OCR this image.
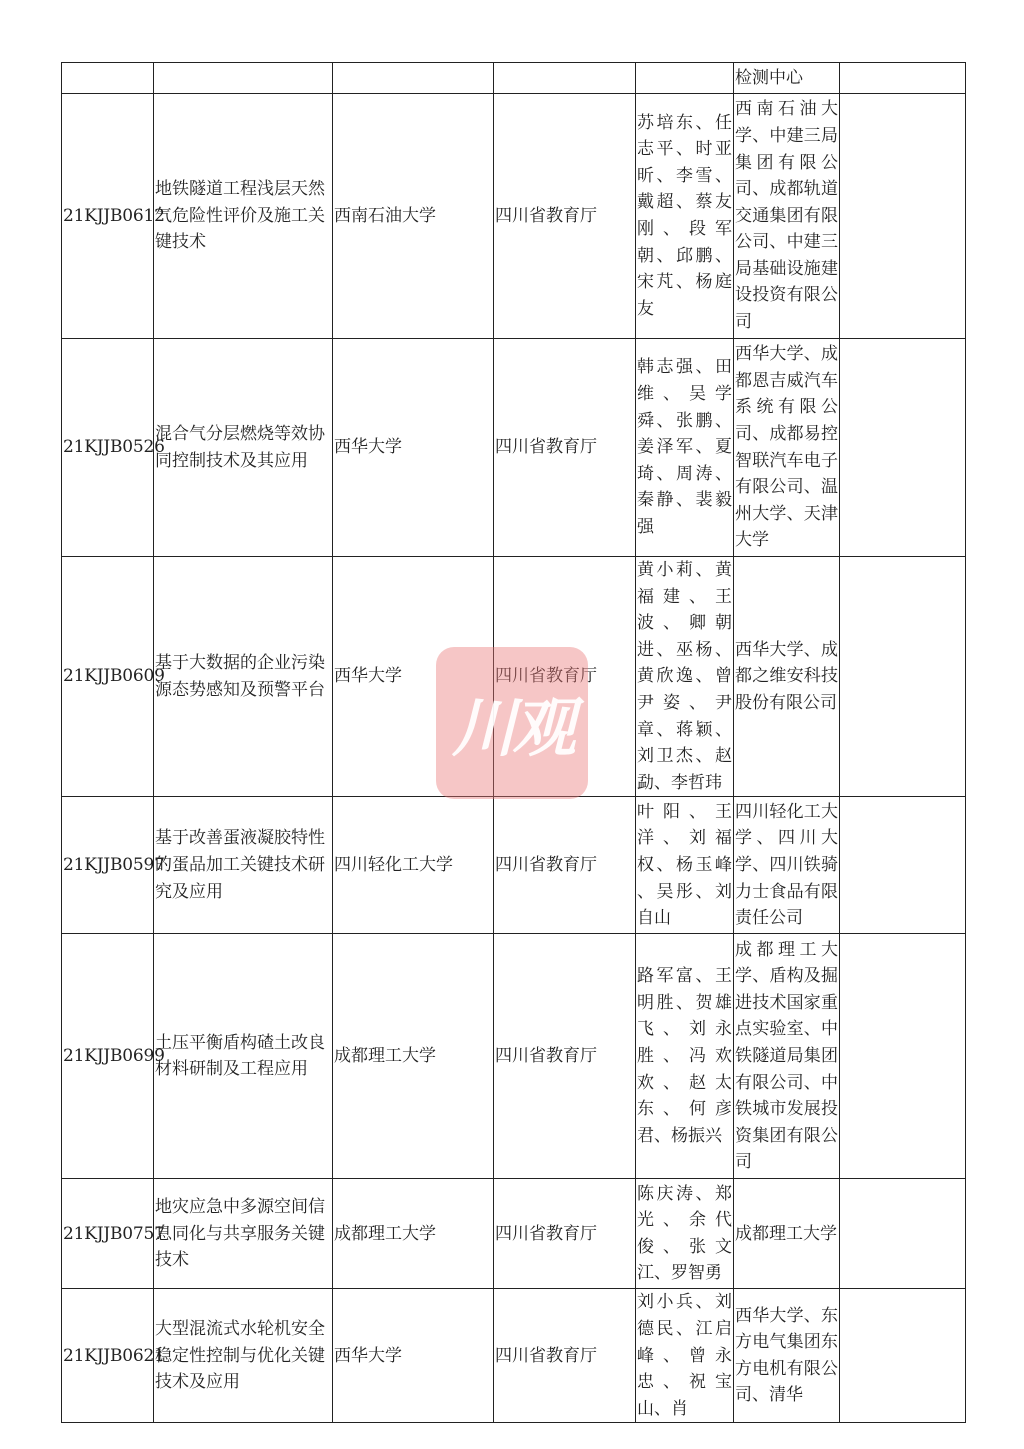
					检测中心	
21KJJB0612	地铁隧道工程浅层天然气危险性评价及施工关键技术	西南石油大学	四川省教育厅	苏培东、任志平、时亚昕、李雪、戴超、蔡友刚、段军朝、邱鹏、宋芃、杨庭友	西南石油大学、中建三局集团有限公司、成都轨道交通集团有限公司、中建三局基础设施建设投资有限公司	
21KJJB0526	混合气分层燃烧等效协同控制技术及其应用	西华大学	四川省教育厅	韩志强、田维、吴学舜、张鹏、姜泽军、夏琦、周涛、秦静、裴毅强	西华大学、成都恩吉威汽车系统有限公司、成都易控智联汽车电子有限公司、温州大学、天津大学	
21KJJB0609	基于大数据的企业污染源态势感知及预警平台	西华大学	四川省教育厅	黄小莉、黄福建、王波、卿朝进、巫杨、黄欣逸、曾尹姿、尹章、蒋颖、刘卫杰、赵勐、李哲玮	西华大学、成都之维安科技股份有限公司	
21KJJB0597	基于改善蛋液凝胶特性的蛋品加工关键技术研究及应用	四川轻化工大学	四川省教育厅	叶阳、王洋、刘福权、杨玉峰 、吴彤、刘自山	四川轻化工大学、四川大学、四川铁骑力士食品有限责任公司	
21KJJB0699	土压平衡盾构碴土改良材料研制及工程应用	成都理工大学	四川省教育厅	路军富、王明胜、贺雄飞、刘永胜、冯欢欢、赵太东、何彦君、杨振兴	成都理工大学、盾构及掘进技术国家重点实验室、中铁隧道局集团有限公司、中铁城市发展投资集团有限公司	
21KJJB0757	地灾应急中多源空间信息同化与共享服务关键技术	成都理工大学	四川省教育厅	陈庆涛、郑光、余代俊、张文江、罗智勇	成都理工大学	
21KJJB0621	大型混流式水轮机安全稳定性控制与优化关键技术及应用	西华大学	四川省教育厅	刘小兵、刘德民、江启峰、曾永忠、祝宝山、肖	西华大学、东方电气集团东方电机有限公司、清华	
川观
